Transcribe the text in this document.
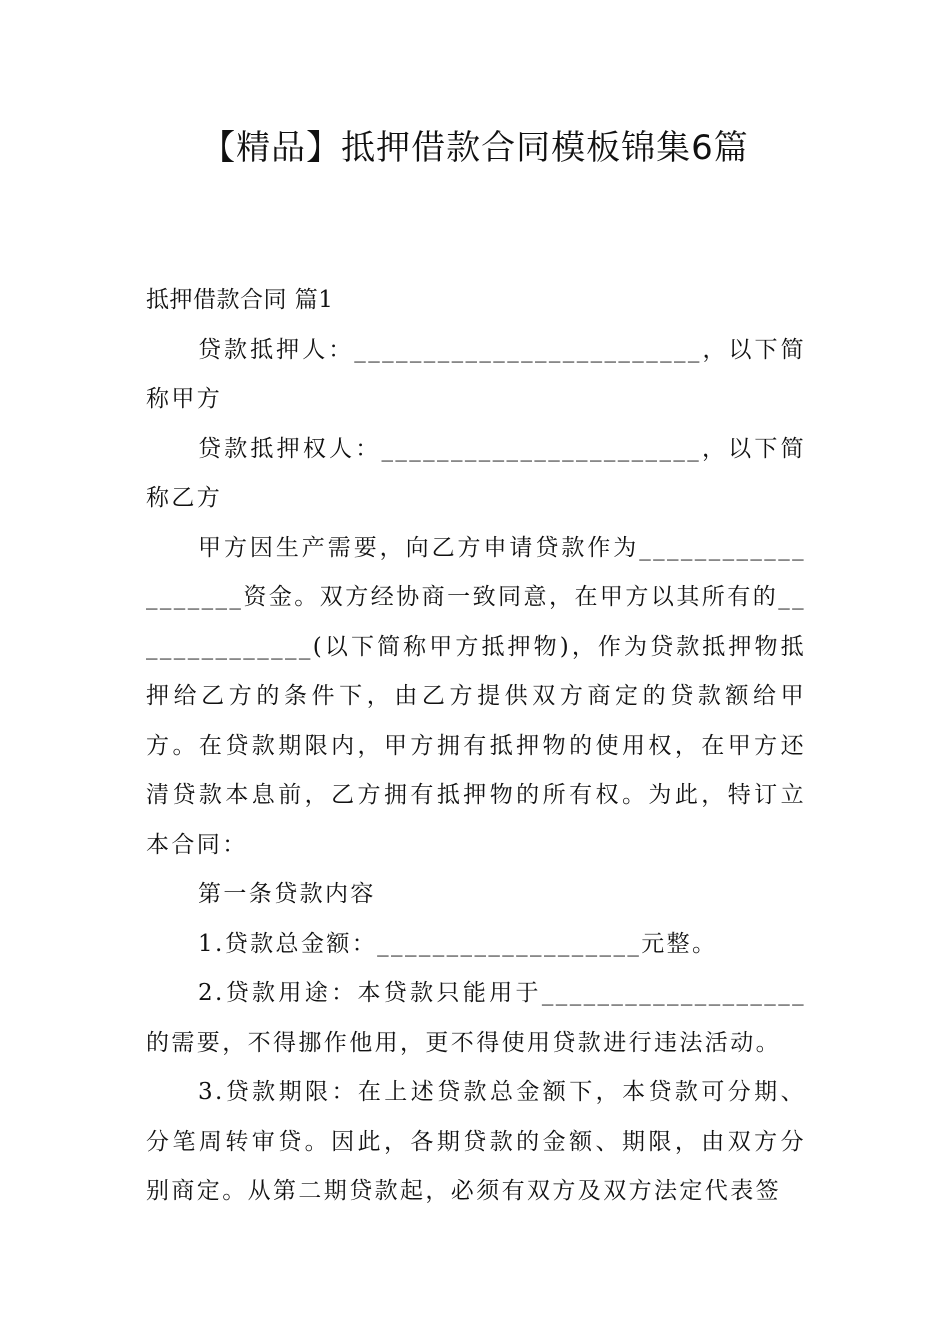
【精品】抵押借款合同模板锦集6篇

抵押借款合同 篇1

贷款抵押人：_________________________，以下简称甲方

贷款抵押权人：_______________________，以下简称乙方

甲方因生产需要，向乙方申请贷款作为___________________资金。双方经协商一致同意，在甲方以其所有的______________(以下简称甲方抵押物)，作为贷款抵押物抵押给乙方的条件下，由乙方提供双方商定的贷款额给甲方。在贷款期限内，甲方拥有抵押物的使用权，在甲方还清贷款本息前，乙方拥有抵押物的所有权。为此，特订立本合同：

第一条贷款内容

1.贷款总金额：___________________元整。

2.贷款用途：本贷款只能用于___________________的需要，不得挪作他用，更不得使用贷款进行违法活动。

3.贷款期限：在上述贷款总金额下，本贷款可分期、分笔周转审贷。因此，各期贷款的金额、期限，由双方分别商定。从第二期贷款起，必须有双方及双方法定代表签
